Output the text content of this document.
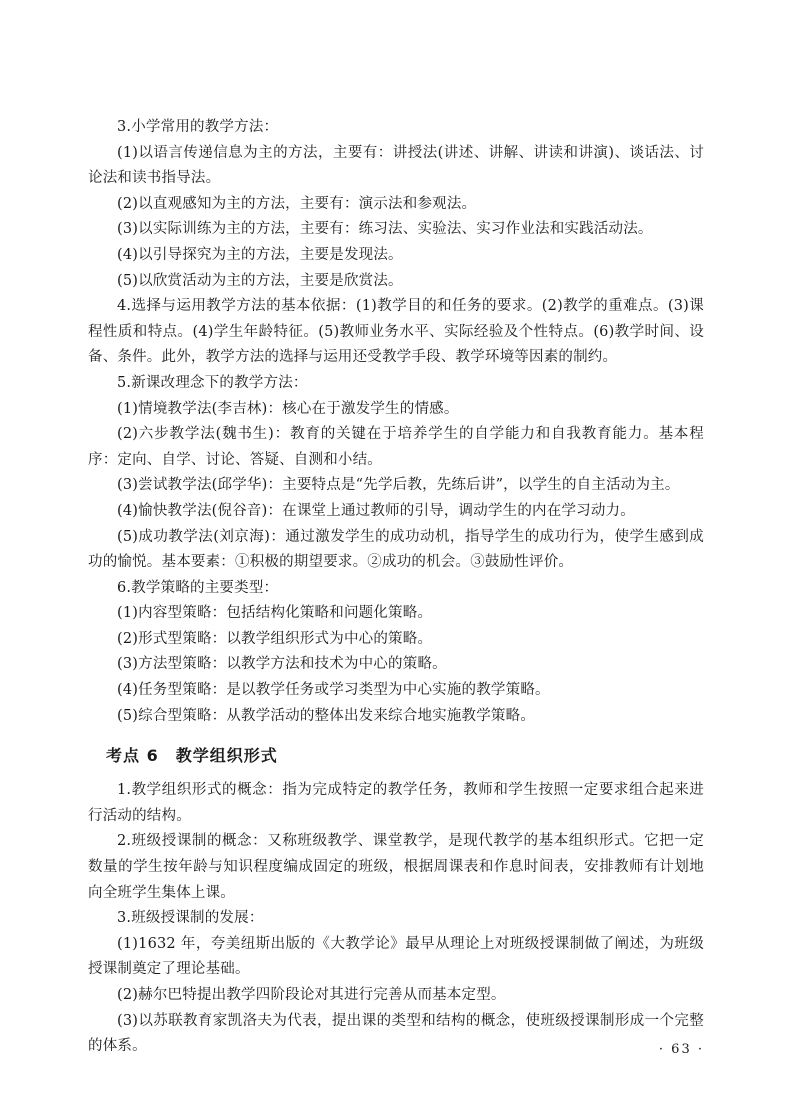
3.小学常用的教学方法：

(1)以语言传递信息为主的方法，主要有：讲授法(讲述、讲解、讲读和讲演)、谈话法、讨论法和读书指导法。

(2)以直观感知为主的方法，主要有：演示法和参观法。

(3)以实际训练为主的方法，主要有：练习法、实验法、实习作业法和实践活动法。

(4)以引导探究为主的方法，主要是发现法。

(5)以欣赏活动为主的方法，主要是欣赏法。

4.选择与运用教学方法的基本依据：(1)教学目的和任务的要求。(2)教学的重难点。(3)课程性质和特点。(4)学生年龄特征。(5)教师业务水平、实际经验及个性特点。(6)教学时间、设备、条件。此外，教学方法的选择与运用还受教学手段、教学环境等因素的制约。

5.新课改理念下的教学方法：

(1)情境教学法(李吉林)：核心在于激发学生的情感。

(2)六步教学法(魏书生)：教育的关键在于培养学生的自学能力和自我教育能力。基本程序：定向、自学、讨论、答疑、自测和小结。

(3)尝试教学法(邱学华)：主要特点是“先学后教，先练后讲”，以学生的自主活动为主。

(4)愉快教学法(倪谷音)：在课堂上通过教师的引导，调动学生的内在学习动力。

(5)成功教学法(刘京海)：通过激发学生的成功动机，指导学生的成功行为，使学生感到成功的愉悦。基本要素：①积极的期望要求。②成功的机会。③鼓励性评价。

6.教学策略的主要类型：

(1)内容型策略：包括结构化策略和问题化策略。

(2)形式型策略：以教学组织形式为中心的策略。

(3)方法型策略：以教学方法和技术为中心的策略。

(4)任务型策略：是以教学任务或学习类型为中心实施的教学策略。

(5)综合型策略：从教学活动的整体出发来综合地实施教学策略。

考点 6　教学组织形式

1.教学组织形式的概念：指为完成特定的教学任务，教师和学生按照一定要求组合起来进行活动的结构。

2.班级授课制的概念：又称班级教学、课堂教学，是现代教学的基本组织形式。它把一定数量的学生按年龄与知识程度编成固定的班级，根据周课表和作息时间表，安排教师有计划地向全班学生集体上课。

3.班级授课制的发展：

(1)1632 年，夸美纽斯出版的《大教学论》最早从理论上对班级授课制做了阐述，为班级授课制奠定了理论基础。

(2)赫尔巴特提出教学四阶段论对其进行完善从而基本定型。

(3)以苏联教育家凯洛夫为代表，提出课的类型和结构的概念，使班级授课制形成一个完整的体系。	· 63 ·
